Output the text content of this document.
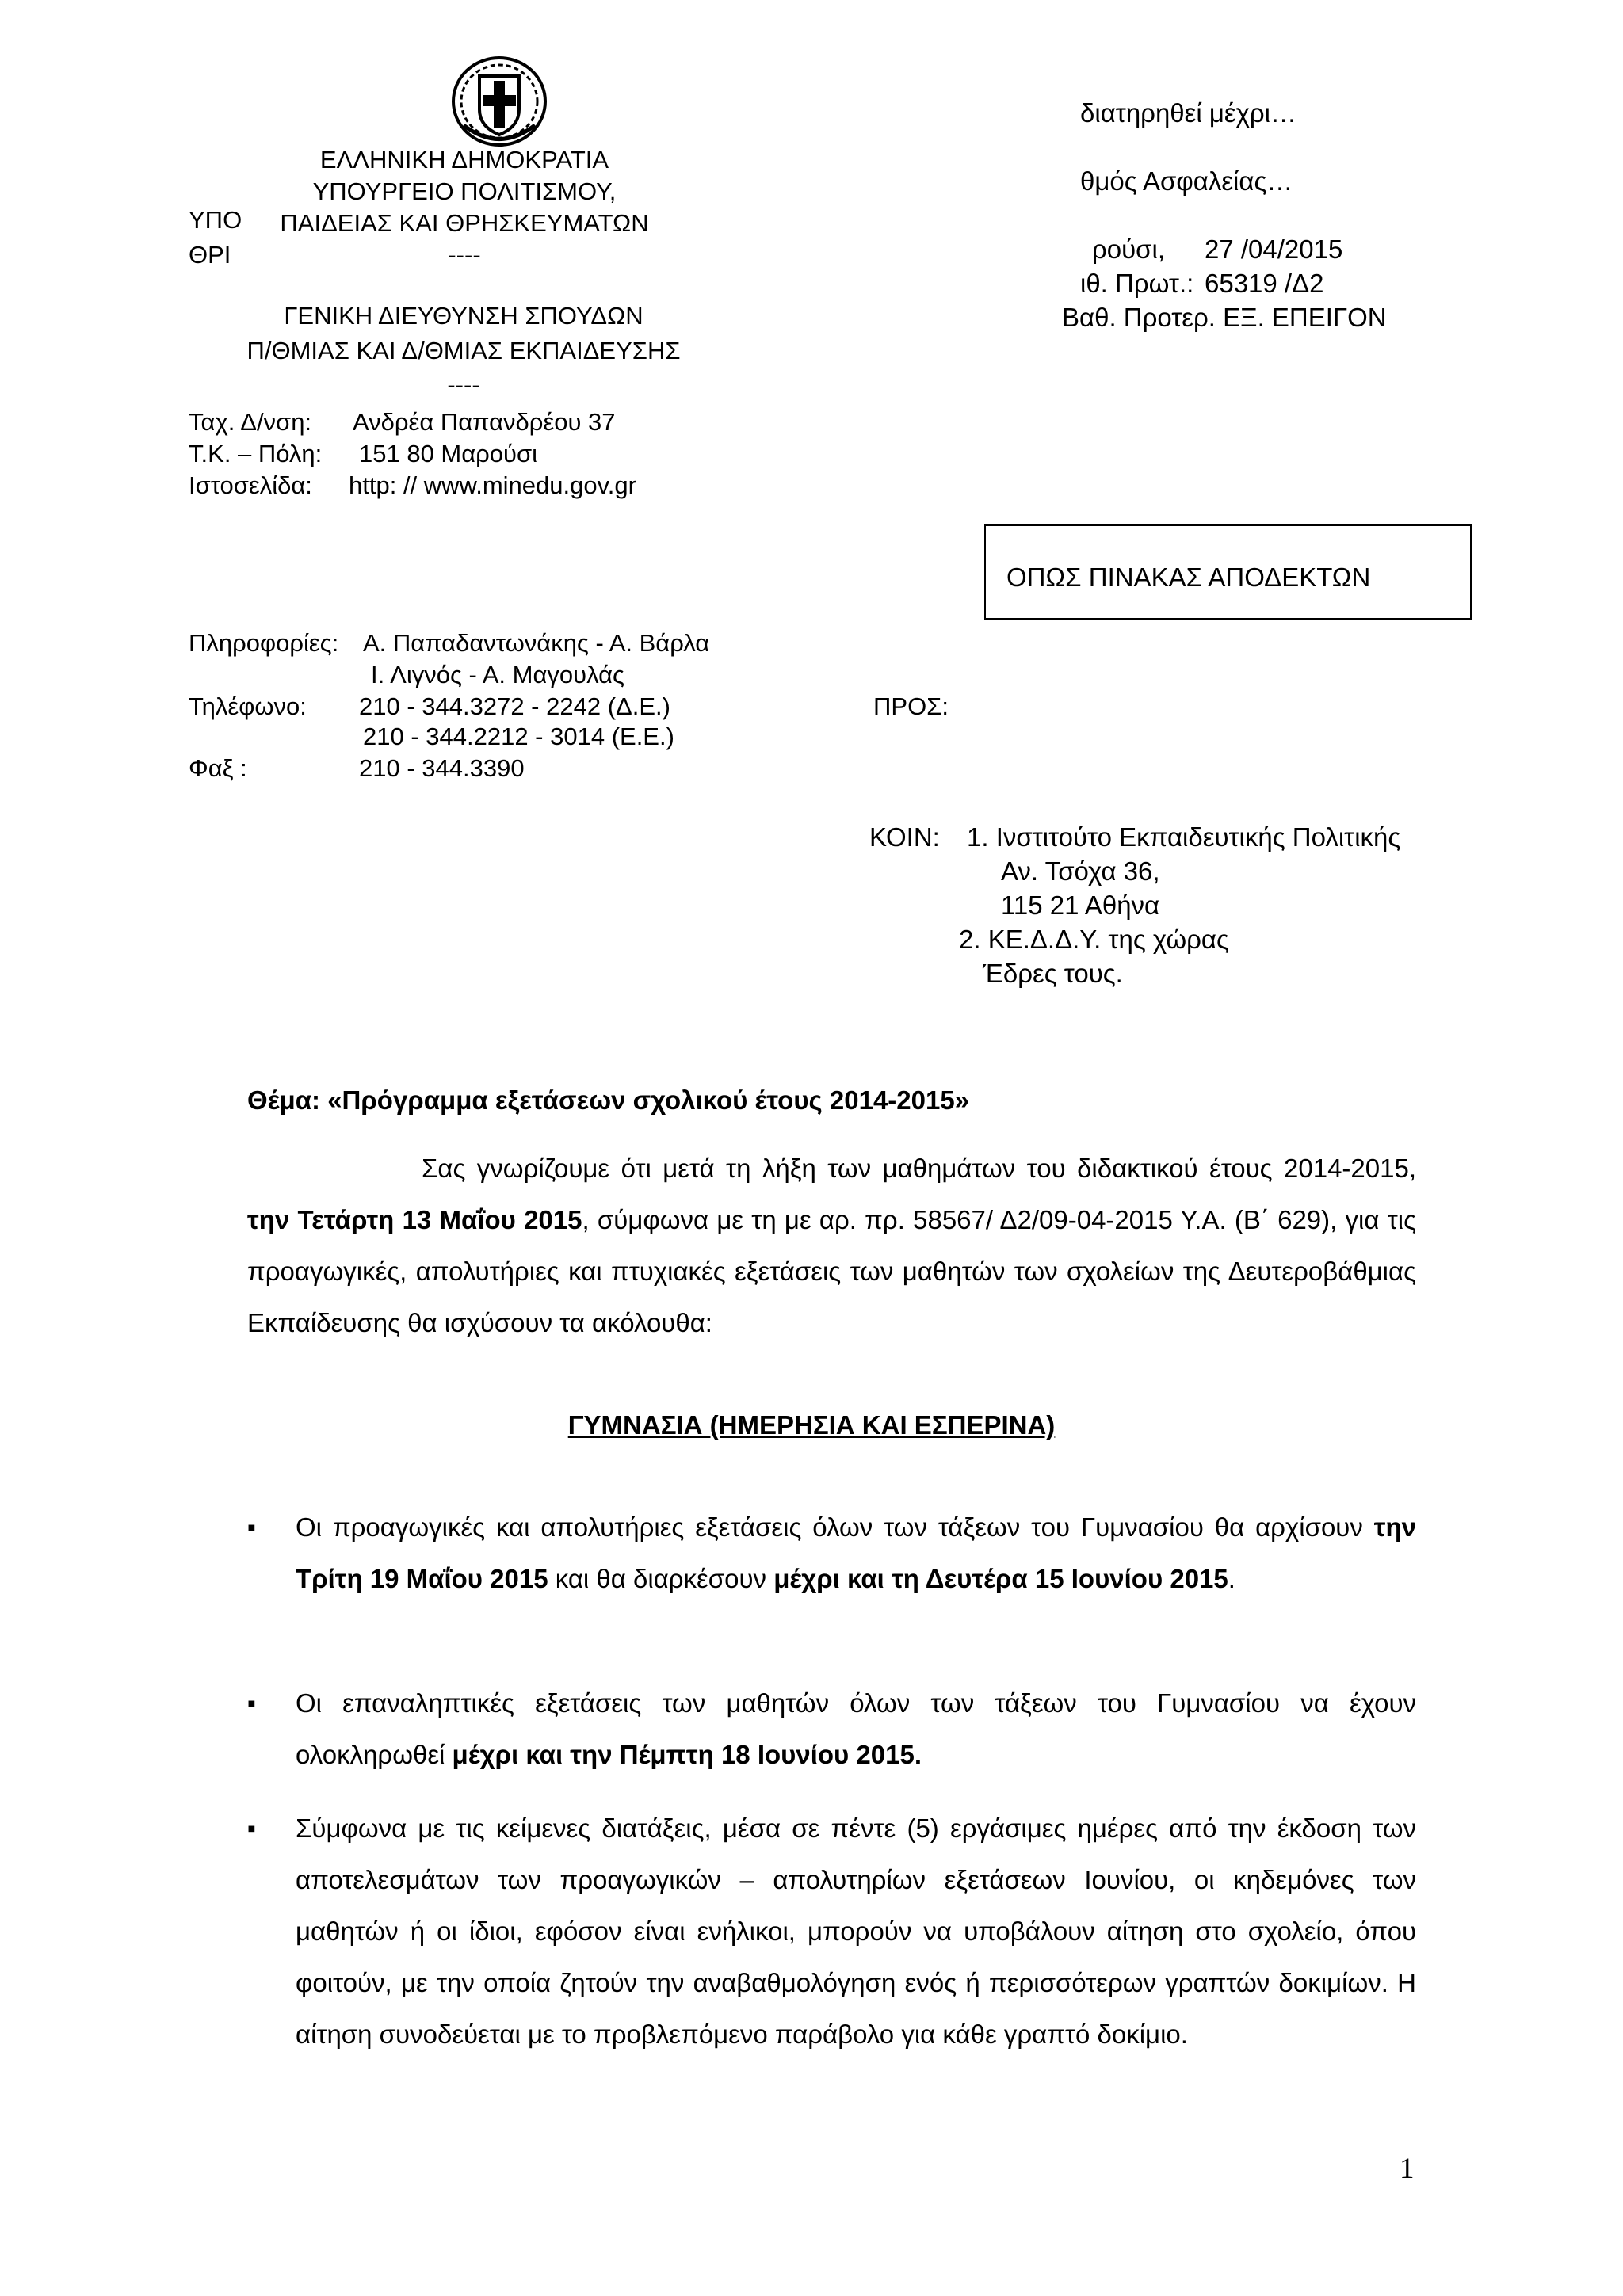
ΥΠΟ
ΘΡΙ
ΕΛΛΗΝΙΚΗ ΔΗΜΟΚΡΑΤΙΑ
ΥΠΟΥΡΓΕΙΟ ΠΟΛΙΤΙΣΜΟΥ,
ΠΑΙΔΕΙΑΣ ΚΑΙ ΘΡΗΣΚΕΥΜΑΤΩΝ
----
ΓΕΝΙΚΗ ΔΙΕΥΘΥΝΣΗ ΣΠΟΥΔΩΝ
Π/ΘΜΙΑΣ ΚΑΙ Δ/ΘΜΙΑΣ ΕΚΠΑΙΔΕΥΣΗΣ
----
Ταχ. Δ/νση: Ανδρέα Παπανδρέου 37
Τ.Κ. – Πόλη: 151 80 Μαρούσι
Ιστοσελίδα: http: // www.minedu.gov.gr
διατηρηθεί μέχρι…
θμός Ασφαλείας…
ρούσι, 27 /04/2015
ιθ. Πρωτ.: 65319 /Δ2
Βαθ. Προτερ. ΕΞ. ΕΠΕΙΓΟΝ
ΟΠΩΣ ΠΙΝΑΚΑΣ ΑΠΟΔΕΚΤΩΝ
Πληροφορίες: Α. Παπαδαντωνάκης - Α. Βάρλα
Ι. Λιγνός - Α. Μαγουλάς
Τηλέφωνο: 210 - 344.3272 - 2242 (Δ.Ε.)
210 - 344.2212 - 3014 (Ε.Ε.)
Φαξ :	210 - 344.3390
ΠΡΟΣ:
ΚΟΙΝ: 1. Ινστιτούτο Εκπαιδευτικής Πολιτικής
Αν. Τσόχα 36,
115 21 Αθήνα
2. ΚΕ.Δ.Δ.Υ. της χώρας
Έδρες τους.
Θέμα: «Πρόγραμμα εξετάσεων σχολικού έτους 2014-2015»
Σας γνωρίζουμε ότι μετά τη λήξη των μαθημάτων του διδακτικού έτους 2014-2015, την Τετάρτη 13 Μαΐου 2015, σύμφωνα με τη με αρ. πρ. 58567/ Δ2/09-04-2015 Υ.Α. (Β΄ 629), για τις προαγωγικές, απολυτήριες και πτυχιακές εξετάσεις των μαθητών των σχολείων της Δευτεροβάθμιας Εκπαίδευσης θα ισχύσουν τα ακόλουθα:
ΓΥΜΝΑΣΙΑ (ΗΜΕΡΗΣΙΑ ΚΑΙ ΕΣΠΕΡΙΝΑ)
▪ Οι προαγωγικές και απολυτήριες εξετάσεις όλων των τάξεων του Γυμνασίου θα αρχίσουν την Τρίτη 19 Μαΐου 2015 και θα διαρκέσουν μέχρι και τη Δευτέρα 15 Ιουνίου 2015.
▪ Οι επαναληπτικές εξετάσεις των μαθητών όλων των τάξεων του Γυμνασίου να έχουν ολοκληρωθεί μέχρι και την Πέμπτη 18 Ιουνίου 2015.
▪ Σύμφωνα με τις κείμενες διατάξεις, μέσα σε πέντε (5) εργάσιμες ημέρες από την έκδοση των αποτελεσμάτων των προαγωγικών – απολυτηρίων εξετάσεων Ιουνίου, οι κηδεμόνες των μαθητών ή οι ίδιοι, εφόσον είναι ενήλικοι, μπορούν να υποβάλουν αίτηση στο σχολείο, όπου φοιτούν, με την οποία ζητούν την αναβαθμολόγηση ενός ή περισσότερων γραπτών δοκιμίων. Η αίτηση συνοδεύεται με το προβλεπόμενο παράβολο για κάθε γραπτό δοκίμιο.
1
